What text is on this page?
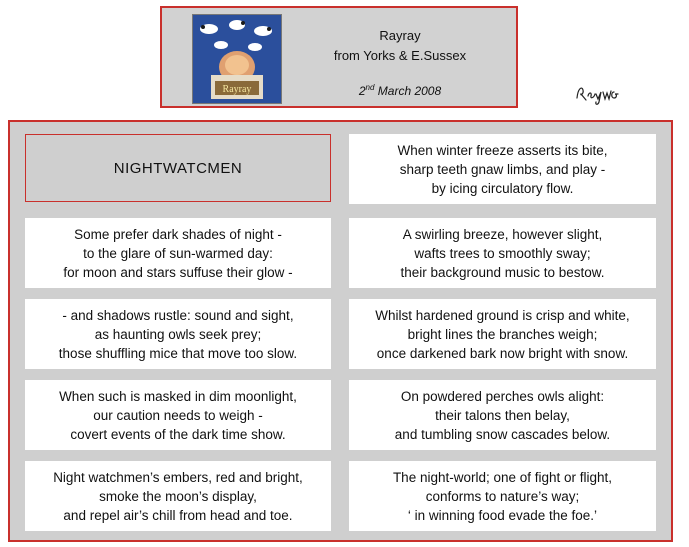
Rayray
Rayray
from Yorks & E.Sussex
2nd March 2008
NIGHTWATCMEN
Some prefer dark shades of night -
to the glare of sun-warmed day:
for moon and stars suffuse their glow -
- and shadows rustle: sound and sight,
as haunting owls seek prey;
those shuffling mice that move too slow.
When such is masked in dim moonlight,
our caution needs to weigh -
covert events of the dark time show.
Night watchmen’s embers, red and bright,
smoke the moon’s display,
and repel air’s chill from head and toe.
When winter freeze asserts its bite,
sharp teeth gnaw limbs, and play -
by icing circulatory flow.
A swirling breeze, however slight,
wafts trees to smoothly sway;
their background music to bestow.
Whilst hardened ground is crisp and white,
bright lines the branches weigh;
once darkened bark now bright with snow.
On powdered perches owls alight:
their talons then belay,
and tumbling snow cascades below.
The night-world; one of fight or flight,
conforms to nature’s way;
‘ in winning food evade the foe.’
